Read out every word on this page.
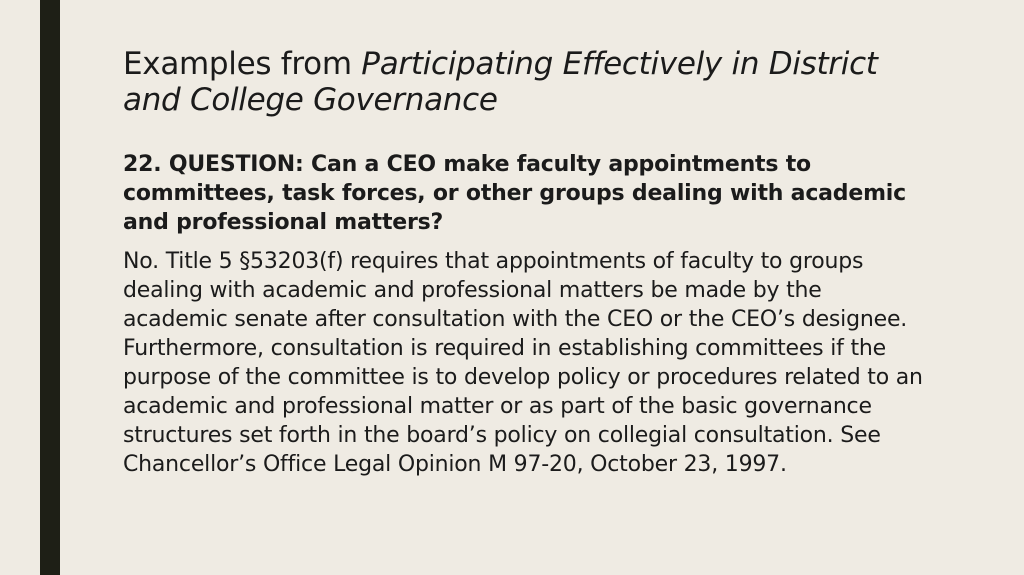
Examples from Participating Effectively in District and College Governance

22. QUESTION: Can a CEO make faculty appointments to committees, task forces, or other groups dealing with academic and professional matters?

No. Title 5 §53203(f) requires that appointments of faculty to groups dealing with academic and professional matters be made by the academic senate after consultation with the CEO or the CEO’s designee. Furthermore, consultation is required in establishing committees if the purpose of the committee is to develop policy or procedures related to an academic and professional matter or as part of the basic governance structures set forth in the board’s policy on collegial consultation. See Chancellor’s Office Legal Opinion M 97-20, October 23, 1997.
